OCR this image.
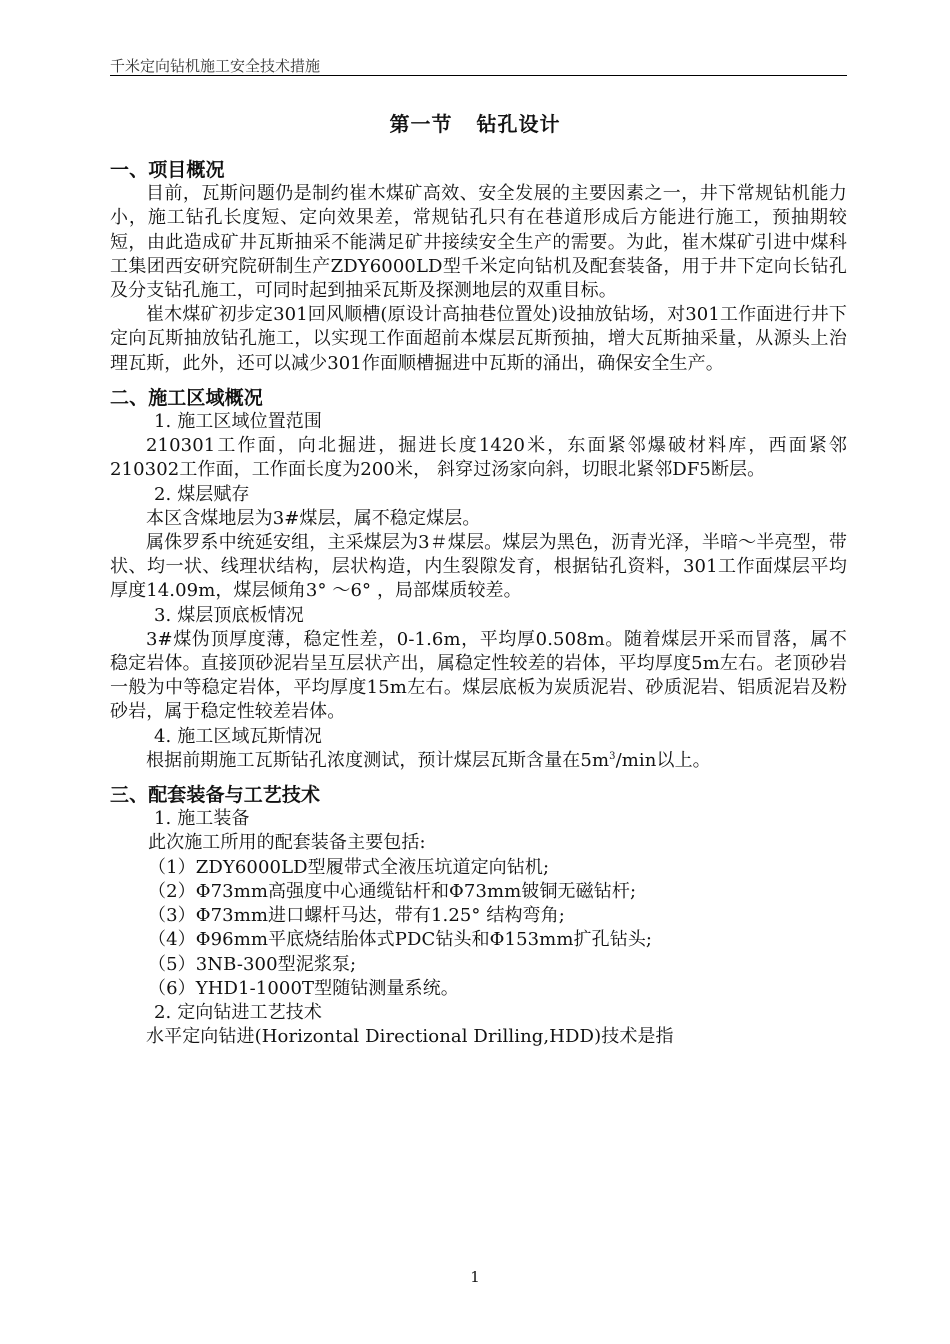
千米定向钻机施工安全技术措施
第一节 钻孔设计
一、项目概况

目前，瓦斯问题仍是制约崔木煤矿高效、安全发展的主要因素之一，井下常规钻机能力小，施工钻孔长度短、定向效果差，常规钻孔只有在巷道形成后方能进行施工，预抽期较短，由此造成矿井瓦斯抽采不能满足矿井接续安全生产的需要。为此，崔木煤矿引进中煤科工集团西安研究院研制生产ZDY6000LD型千米定向钻机及配套装备，用于井下定向长钻孔及分支钻孔施工，可同时起到抽采瓦斯及探测地层的双重目标。

崔木煤矿初步定301回风顺槽(原设计高抽巷位置处)设抽放钻场，对301工作面进行井下定向瓦斯抽放钻孔施工，以实现工作面超前本煤层瓦斯预抽，增大瓦斯抽采量，从源头上治理瓦斯，此外，还可以减少301作面顺槽掘进中瓦斯的涌出，确保安全生产。

二、施工区域概况

1. 施工区域位置范围

210301工作面，向北掘进，掘进长度1420米，东面紧邻爆破材料库，西面紧邻210302工作面，工作面长度为200米， 斜穿过汤家向斜，切眼北紧邻DF5断层。

2. 煤层赋存

本区含煤地层为3#煤层，属不稳定煤层。

属侏罗系中统延安组，主采煤层为3＃煤层。煤层为黑色，沥青光泽，半暗～半亮型，带状、均一状、线理状结构，层状构造，内生裂隙发育，根据钻孔资料，301工作面煤层平均厚度14.09m，煤层倾角3° ～6° ，局部煤质较差。

3. 煤层顶底板情况

3#煤伪顶厚度薄，稳定性差，0-1.6m，平均厚0.508m。随着煤层开采而冒落，属不稳定岩体。直接顶砂泥岩呈互层状产出，属稳定性较差的岩体，平均厚度5m左右。老顶砂岩一般为中等稳定岩体，平均厚度15m左右。煤层底板为炭质泥岩、砂质泥岩、铝质泥岩及粉砂岩，属于稳定性较差岩体。

4. 施工区域瓦斯情况

根据前期施工瓦斯钻孔浓度测试，预计煤层瓦斯含量在$5m^3/\min$以上。

三、配套装备与工艺技术

1. 施工装备

此次施工所用的配套装备主要包括:

（1）ZDY6000LD型履带式全液压坑道定向钻机;

（2）Φ73mm高强度中心通缆钻杆和Φ73mm铍铜无磁钻杆;

（3）Φ73mm进口螺杆马达，带有1.25° 结构弯角;

（4）Φ96mm平底烧结胎体式PDC钻头和Φ153mm扩孔钻头;

（5）3NB-300型泥浆泵;

（6）YHD1-1000T型随钻测量系统。

2. 定向钻进工艺技术

水平定向钻进(Horizontal Directional Drilling,HDD)技术是指

1
